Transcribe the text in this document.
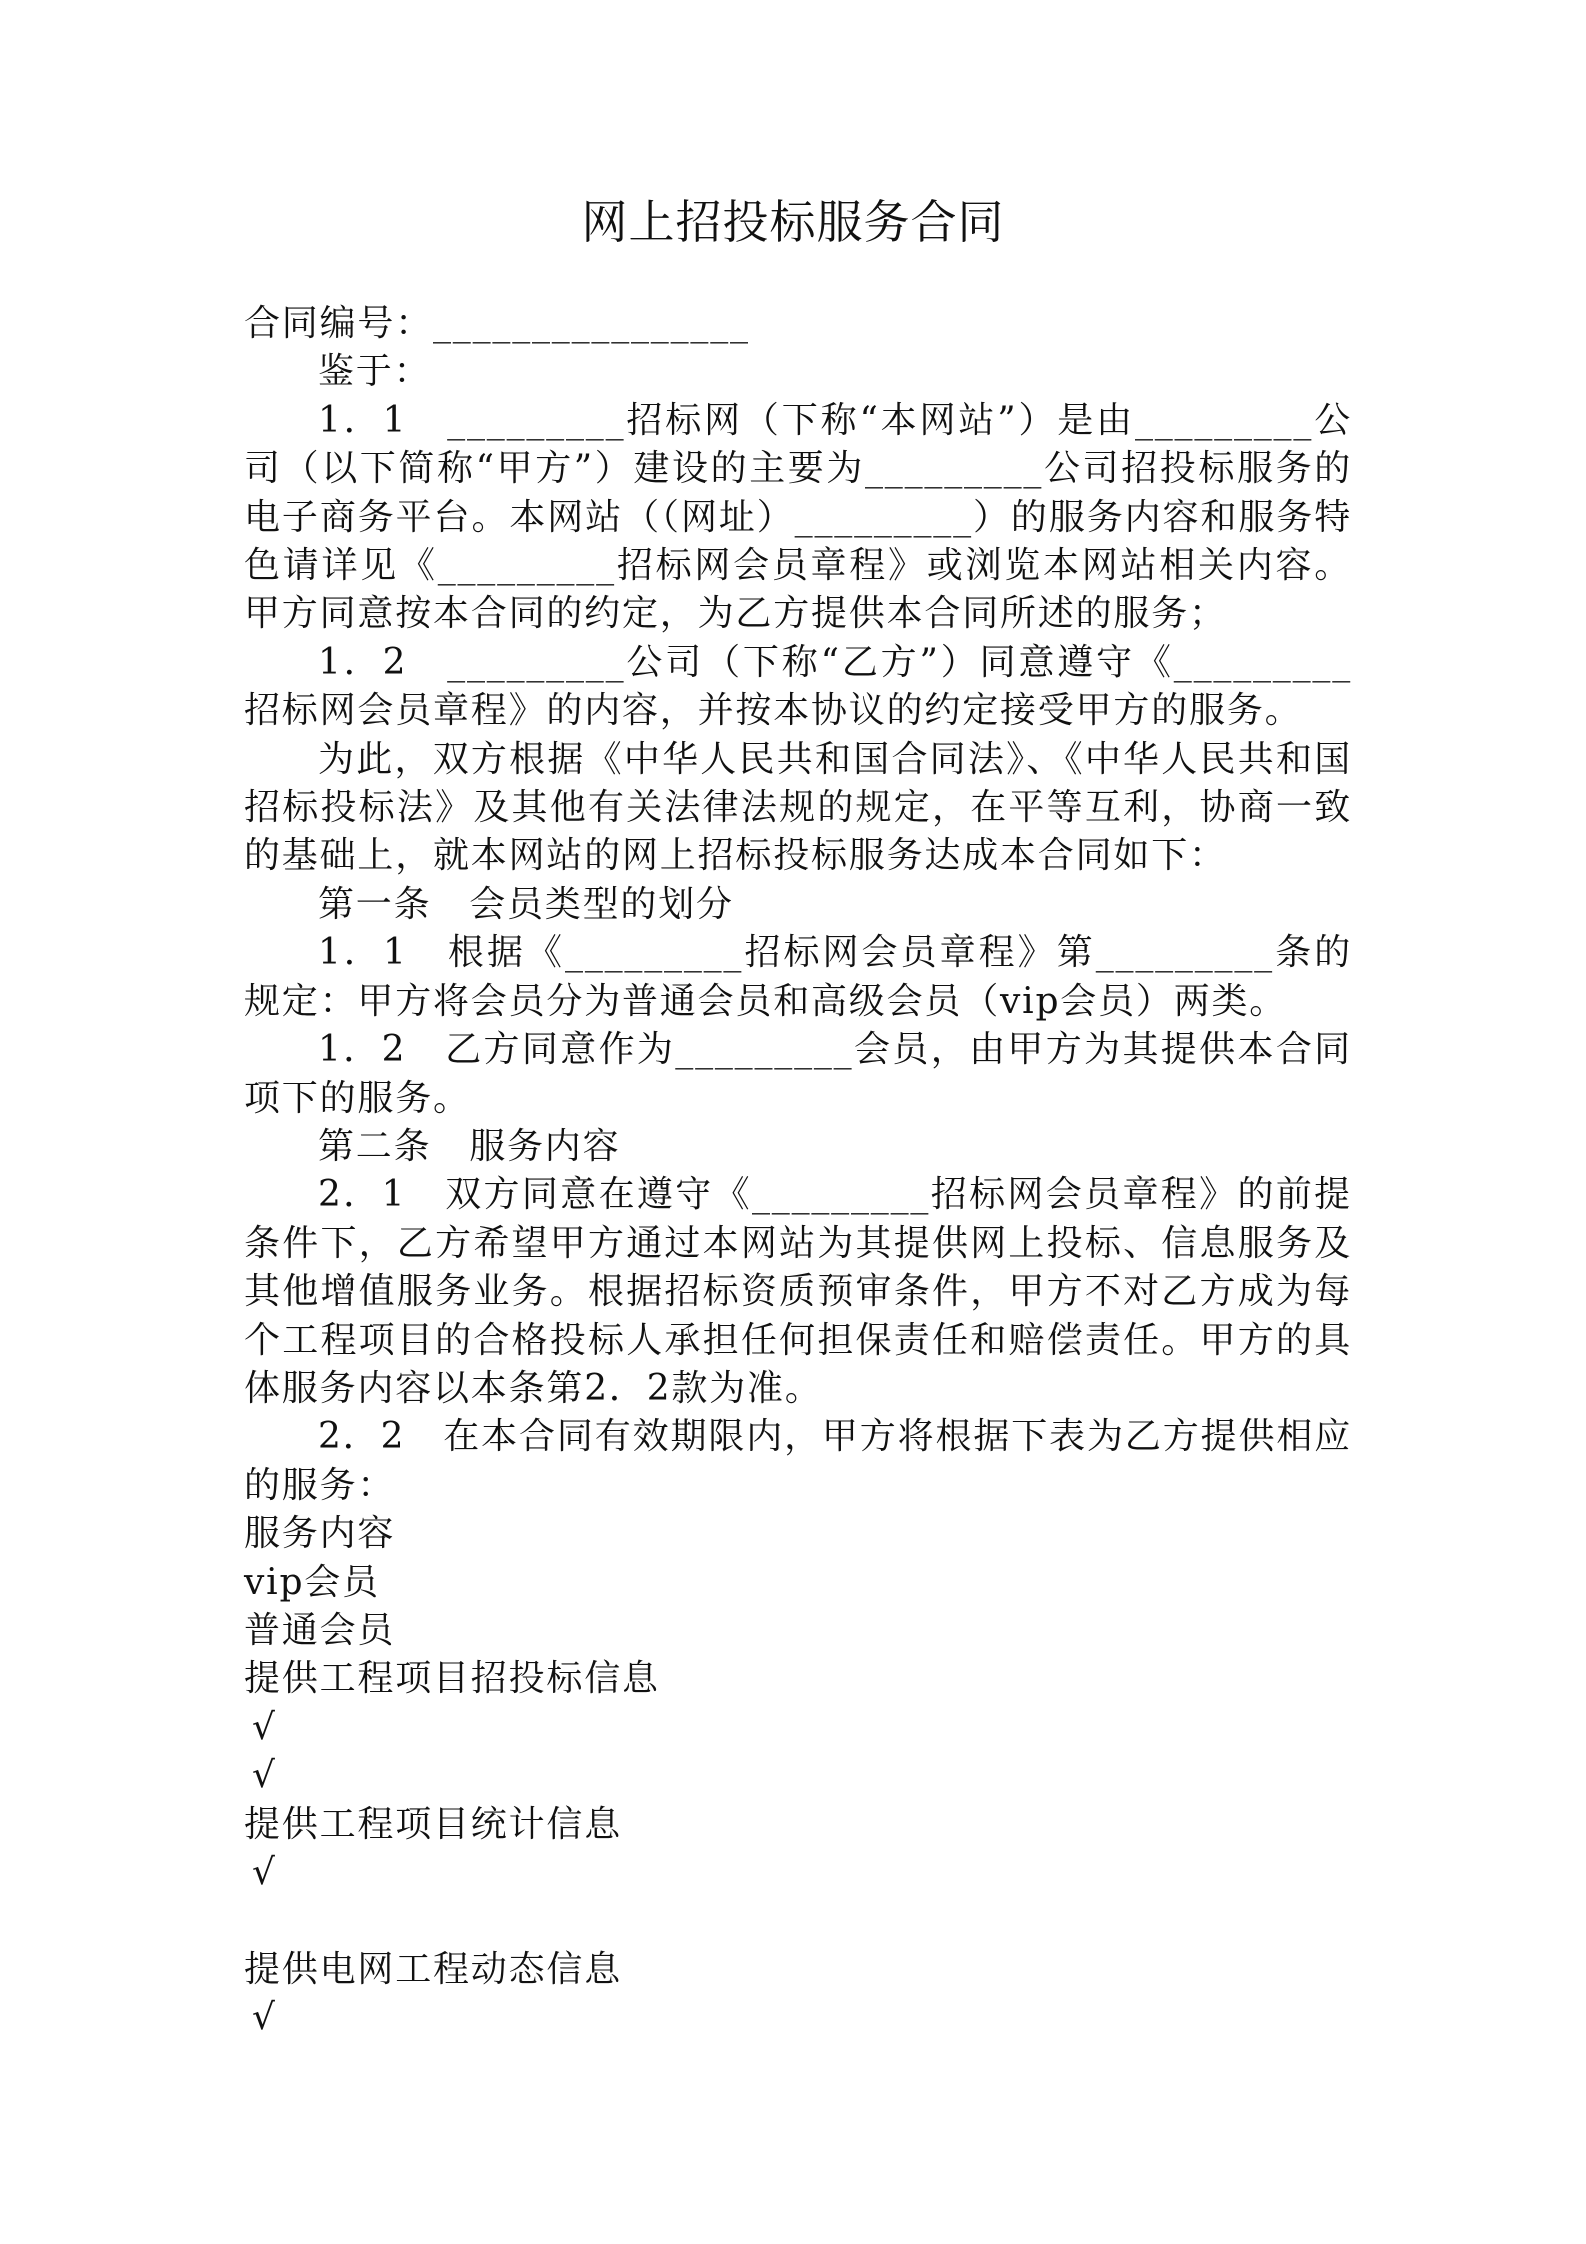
网上招投标服务合同

合同编号：________________

鉴于：

1．1　_________招标网（下称“本网站”）是由_________公司（以下简称“甲方”）建设的主要为_________公司招投标服务的电子商务平台。本网站（（网址）_________）的服务内容和服务特色请详见《_________招标网会员章程》或浏览本网站相关内容。甲方同意按本合同的约定，为乙方提供本合同所述的服务；

1．2　_________公司（下称“乙方”）同意遵守《_________招标网会员章程》的内容，并按本协议的约定接受甲方的服务。

为此，双方根据《中华人民共和国合同法》、《中华人民共和国招标投标法》及其他有关法律法规的规定，在平等互利，协商一致的基础上，就本网站的网上招标投标服务达成本合同如下：

第一条　会员类型的划分

1．1　根据《_________招标网会员章程》第_________条的规定：甲方将会员分为普通会员和高级会员（vip会员）两类。

1．2　乙方同意作为_________会员，由甲方为其提供本合同项下的服务。

第二条　服务内容

2．1　双方同意在遵守《_________招标网会员章程》的前提条件下，乙方希望甲方通过本网站为其提供网上投标、信息服务及其他增值服务业务。根据招标资质预审条件，甲方不对乙方成为每个工程项目的合格投标人承担任何担保责任和赔偿责任。甲方的具体服务内容以本条第2．2款为准。

2．2　在本合同有效期限内，甲方将根据下表为乙方提供相应的服务：

服务内容

vip会员

普通会员

提供工程项目招投标信息

√

√

提供工程项目统计信息

√

提供电网工程动态信息

√
